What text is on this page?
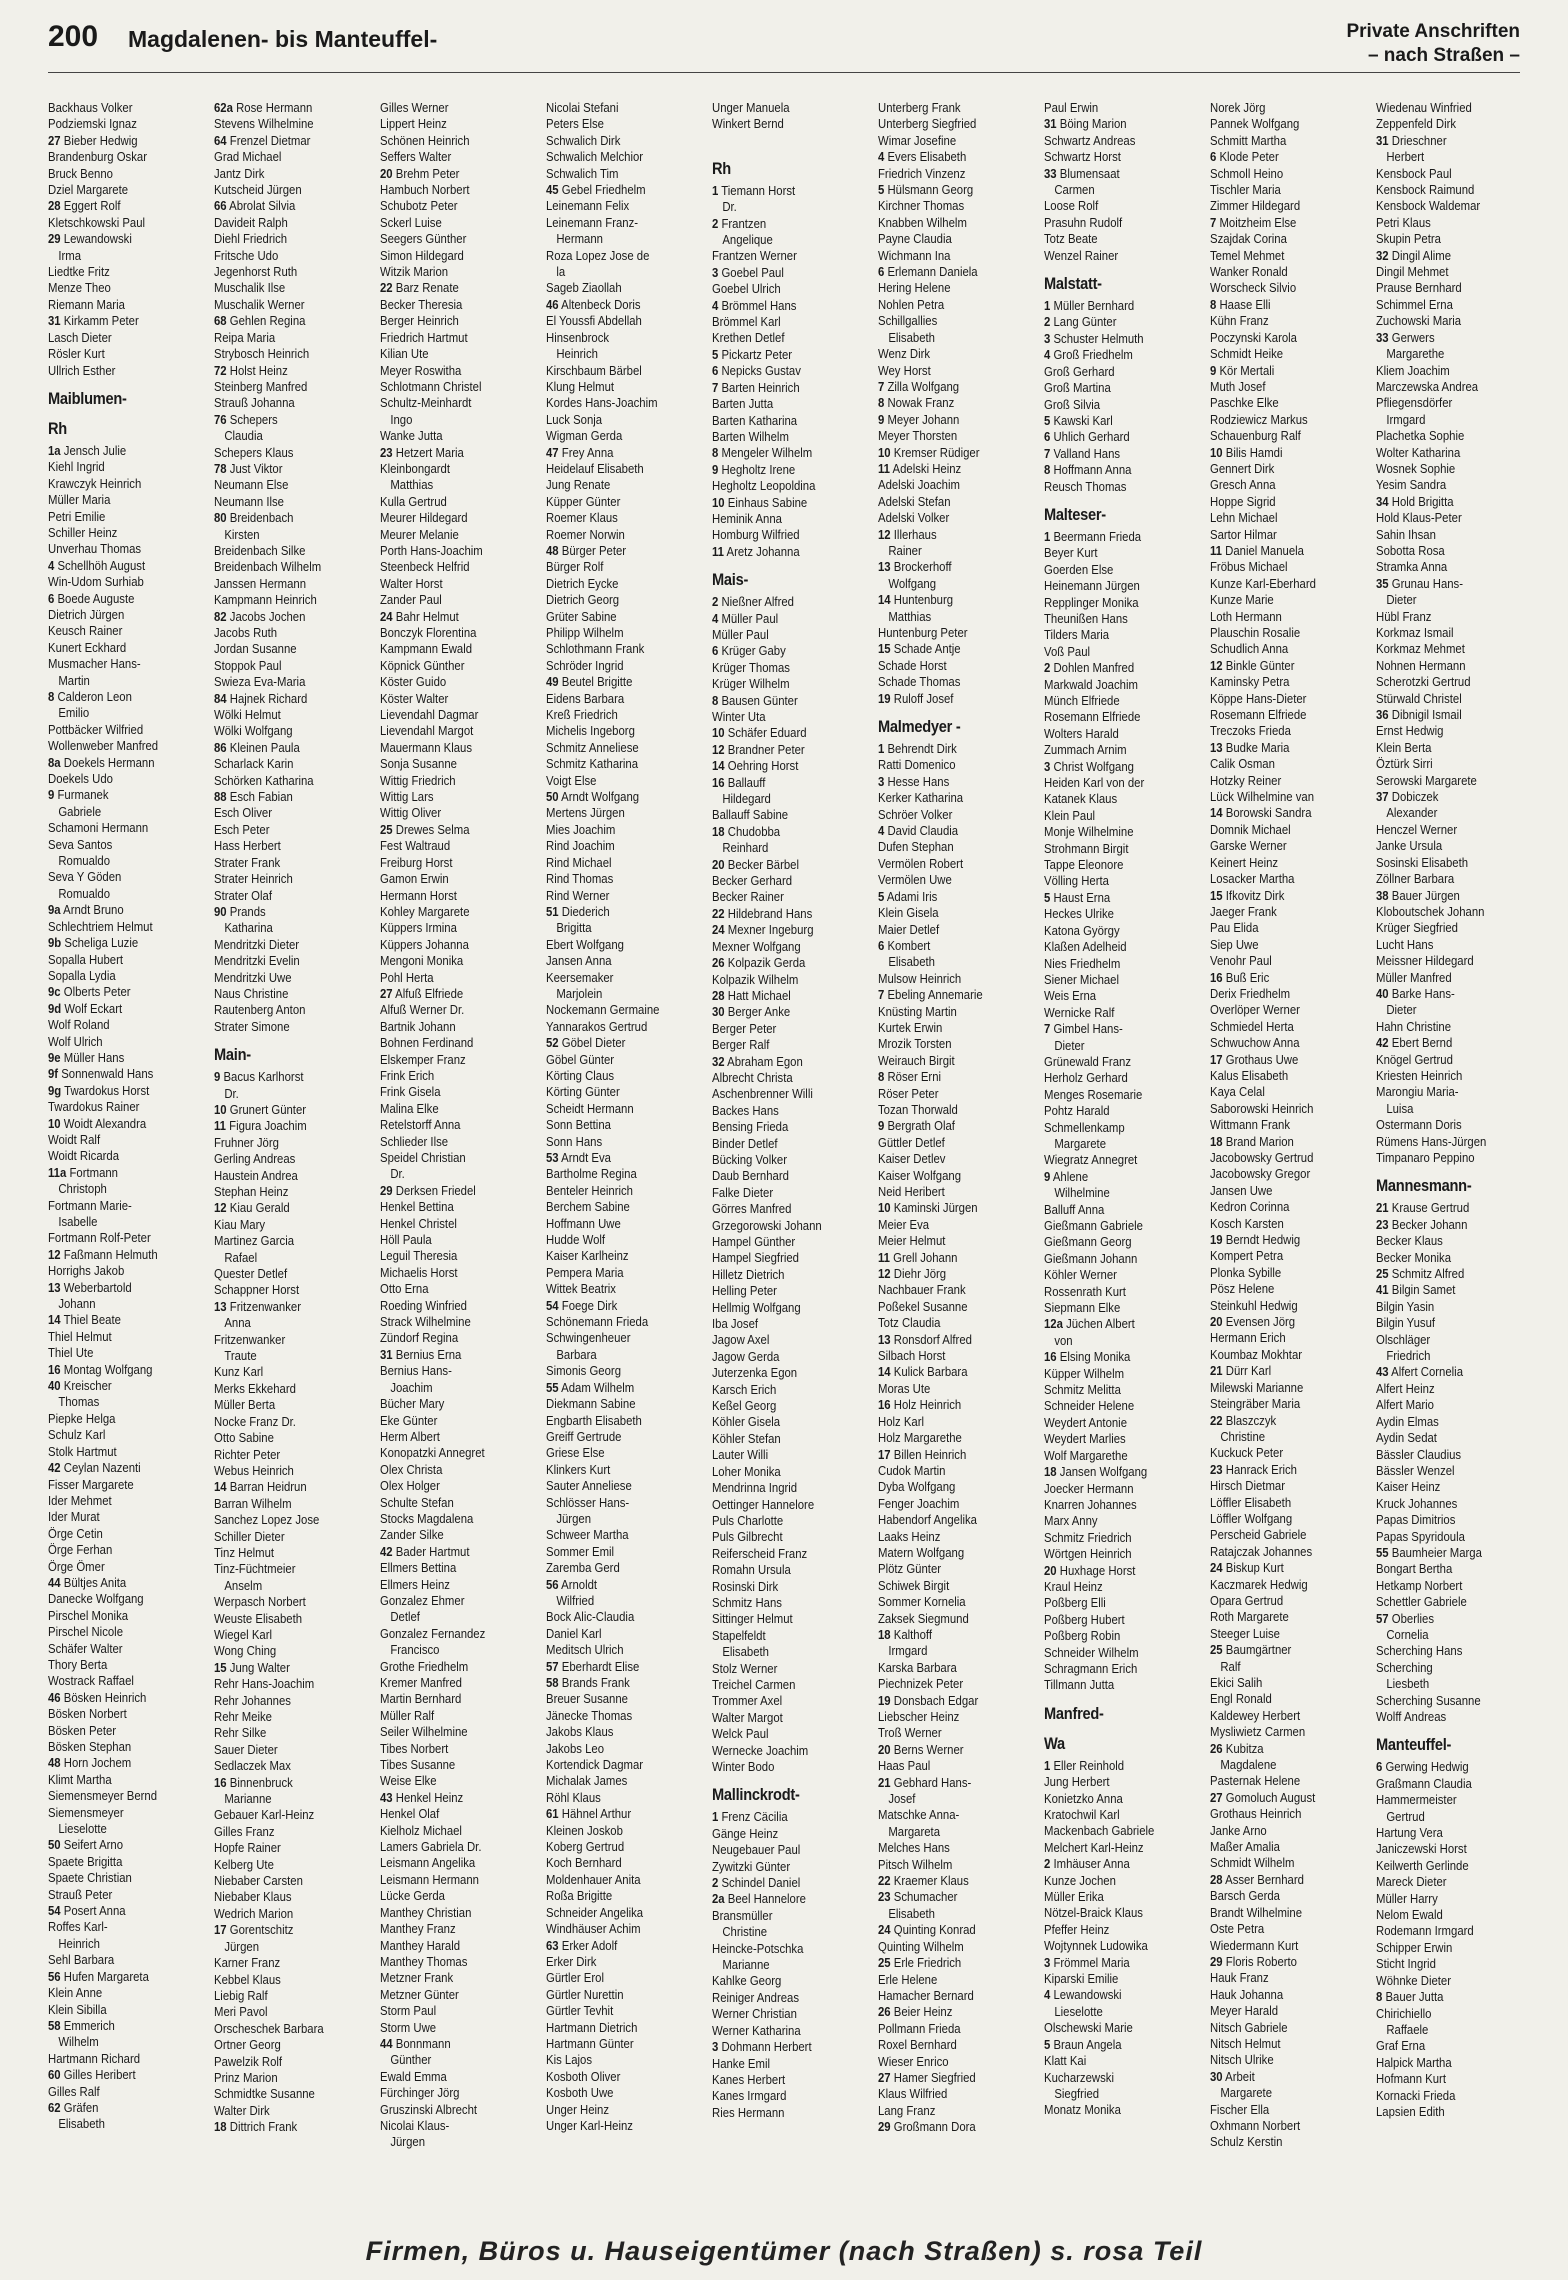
200 Magdalenen- bis Manteuffel-	Private Anschriften
– nach Straßen –
Backhaus Volker
Podziemski Ignaz
27 Bieber Hedwig
Brandenburg Oskar
Bruck Benno
Dziel Margarete
28 Eggert Rolf
Kletschkowski Paul
29 Lewandowski
Irma
Liedtke Fritz
Menze Theo
Riemann Maria
31 Kirkamm Peter
Lasch Dieter
Rösler Kurt
Ullrich Esther
Maiblumen-
Rh
1a Jensch Julie
Kiehl Ingrid
Krawczyk Heinrich
Müller Maria
Petri Emilie
Schiller Heinz
Unverhau Thomas
4 Schellhöh August
Win-Udom Surhiab
6 Boede Auguste
Dietrich Jürgen
Keusch Rainer
Kunert Eckhard
Musmacher Hans-
Martin
8 Calderon Leon
Emilio
Pottbäcker Wilfried
Wollenweber Manfred
8a Doekels Hermann
Doekels Udo
9 Furmanek
Gabriele
Schamoni Hermann
Seva Santos
Romualdo
Seva Y Göden
Romualdo
9a Arndt Bruno
Schlechtriem Helmut
9b Scheliga Luzie
Sopalla Hubert
Sopalla Lydia
9c Olberts Peter
9d Wolf Eckart
Wolf Roland
Wolf Ulrich
9e Müller Hans
9f Sonnenwald Hans
9g Twardokus Horst
Twardokus Rainer
10 Woidt Alexandra
Woidt Ralf
Woidt Ricarda
11a Fortmann
Christoph
Fortmann Marie-
Isabelle
Fortmann Rolf-Peter
12 Faßmann Helmuth
Horrighs Jakob
13 Weberbartold
Johann
14 Thiel Beate
Thiel Helmut
Thiel Ute
16 Montag Wolfgang
40 Kreischer
Thomas
Piepke Helga
Schulz Karl
Stolk Hartmut
42 Ceylan Nazenti
Fisser Margarete
Ider Mehmet
Ider Murat
Örge Cetin
Örge Ferhan
Örge Ömer
44 Bültjes Anita
Danecke Wolfgang
Pirschel Monika
Pirschel Nicole
Schäfer Walter
Thory Berta
Wostrack Raffael
46 Bösken Heinrich
Bösken Norbert
Bösken Peter
Bösken Stephan
48 Horn Jochem
Klimt Martha
Siemensmeyer Bernd
Siemensmeyer
Lieselotte
50 Seifert Arno
Spaete Brigitta
Spaete Christian
Strauß Peter
54 Posert Anna
Roffes Karl-
Heinrich
Sehl Barbara
56 Hufen Margareta
Klein Anne
Klein Sibilla
58 Emmerich
Wilhelm
Hartmann Richard
60 Gilles Heribert
Gilles Ralf
62 Gräfen
Elisabeth
62a Rose Hermann
Stevens Wilhelmine
64 Frenzel Dietmar
Grad Michael
Jantz Dirk
Kutscheid Jürgen
66 Abrolat Silvia
Davideit Ralph
Diehl Friedrich
Fritsche Udo
Jegenhorst Ruth
Muschalik Ilse
Muschalik Werner
68 Gehlen Regina
Reipa Maria
Strybosch Heinrich
72 Holst Heinz
Steinberg Manfred
Strauß Johanna
76 Schepers
Claudia
Schepers Klaus
78 Just Viktor
Neumann Else
Neumann Ilse
80 Breidenbach
Kirsten
Breidenbach Silke
Breidenbach Wilhelm
Janssen Hermann
Kampmann Heinrich
82 Jacobs Jochen
Jacobs Ruth
Jordan Susanne
Stoppok Paul
Swieza Eva-Maria
84 Hajnek Richard
Wölki Helmut
Wölki Wolfgang
86 Kleinen Paula
Scharlack Karin
Schörken Katharina
88 Esch Fabian
Esch Oliver
Esch Peter
Hass Herbert
Strater Frank
Strater Heinrich
Strater Olaf
90 Prands
Katharina
Mendritzki Dieter
Mendritzki Evelin
Mendritzki Uwe
Naus Christine
Rautenberg Anton
Strater Simone
Main-
9 Bacus Karlhorst
Dr.
10 Grunert Günter
11 Figura Joachim
Fruhner Jörg
Gerling Andreas
Haustein Andrea
Stephan Heinz
12 Kiau Gerald
Kiau Mary
Martinez Garcia
Rafael
Quester Detlef
Schappner Horst
13 Fritzenwanker
Anna
Fritzenwanker
Traute
Kunz Karl
Merks Ekkehard
Müller Berta
Nocke Franz Dr.
Otto Sabine
Richter Peter
Webus Heinrich
14 Barran Heidrun
Barran Wilhelm
Sanchez Lopez Jose
Schiller Dieter
Tinz Helmut
Tinz-Füchtmeier
Anselm
Werpasch Norbert
Weuste Elisabeth
Wiegel Karl
Wong Ching
15 Jung Walter
Rehr Hans-Joachim
Rehr Johannes
Rehr Meike
Rehr Silke
Sauer Dieter
Sedlaczek Max
16 Binnenbruck
Marianne
Gebauer Karl-Heinz
Gilles Franz
Hopfe Rainer
Kelberg Ute
Niebaber Carsten
Niebaber Klaus
Wedrich Marion
17 Gorentschitz
Jürgen
Karner Franz
Kebbel Klaus
Liebig Ralf
Meri Pavol
Orscheschek Barbara
Ortner Georg
Pawelzik Rolf
Prinz Marion
Schmidtke Susanne
Walter Dirk
18 Dittrich Frank
Gilles Werner
Lippert Heinz
Schönen Heinrich
Seffers Walter
20 Brehm Peter
Hambuch Norbert
Schubotz Peter
Sckerl Luise
Seegers Günther
Simon Hildegard
Witzik Marion
22 Barz Renate
Becker Theresia
Berger Heinrich
Friedrich Hartmut
Kilian Ute
Meyer Roswitha
Schlotmann Christel
Schultz-Meinhardt
Ingo
Wanke Jutta
23 Hetzert Maria
Kleinbongardt
Matthias
Kulla Gertrud
Meurer Hildegard
Meurer Melanie
Porth Hans-Joachim
Steenbeck Helfrid
Walter Horst
Zander Paul
24 Bahr Helmut
Bonczyk Florentina
Kampmann Ewald
Köpnick Günther
Köster Guido
Köster Walter
Lievendahl Dagmar
Lievendahl Margot
Mauermann Klaus
Sonja Susanne
Wittig Friedrich
Wittig Lars
Wittig Oliver
25 Drewes Selma
Fest Waltraud
Freiburg Horst
Gamon Erwin
Hermann Horst
Kohley Margarete
Küppers Irmina
Küppers Johanna
Mengoni Monika
Pohl Herta
27 Alfuß Elfriede
Alfuß Werner Dr.
Bartnik Johann
Bohnen Ferdinand
Elskemper Franz
Frink Erich
Frink Gisela
Malina Elke
Retelstorff Anna
Schlieder Ilse
Speidel Christian
Dr.
29 Derksen Friedel
Henkel Bettina
Henkel Christel
Höll Paula
Leguil Theresia
Michaelis Horst
Otto Erna
Roeding Winfried
Strack Wilhelmine
Zündorf Regina
31 Bernius Erna
Bernius Hans-
Joachim
Bücher Mary
Eke Günter
Herm Albert
Konopatzki Annegret
Olex Christa
Olex Holger
Schulte Stefan
Stocks Magdalena
Zander Silke
42 Bader Hartmut
Ellmers Bettina
Ellmers Heinz
Gonzalez Ehmer
Detlef
Gonzalez Fernandez
Francisco
Grothe Friedhelm
Kremer Manfred
Martin Bernhard
Müller Ralf
Seiler Wilhelmine
Tibes Norbert
Tibes Susanne
Weise Elke
43 Henkel Heinz
Henkel Olaf
Kielholz Michael
Lamers Gabriela Dr.
Leismann Angelika
Leismann Hermann
Lücke Gerda
Manthey Christian
Manthey Franz
Manthey Harald
Manthey Thomas
Metzner Frank
Metzner Günter
Storm Paul
Storm Uwe
44 Bonnmann
Günther
Ewald Emma
Fürchinger Jörg
Gruszinski Albrecht
Nicolai Klaus-
Jürgen
Nicolai Stefani
Peters Else
Schwalich Dirk
Schwalich Melchior
Schwalich Tim
45 Gebel Friedhelm
Leinemann Felix
Leinemann Franz-
Hermann
Roza Lopez Jose de
la
Sageb Ziaollah
46 Altenbeck Doris
El Youssfi Abdellah
Hinsenbrock
Heinrich
Kirschbaum Bärbel
Klung Helmut
Kordes Hans-Joachim
Luck Sonja
Wigman Gerda
47 Frey Anna
Heidelauf Elisabeth
Jung Renate
Küpper Günter
Roemer Klaus
Roemer Norwin
48 Bürger Peter
Bürger Rolf
Dietrich Eycke
Dietrich Georg
Grüter Sabine
Philipp Wilhelm
Schlothmann Frank
Schröder Ingrid
49 Beutel Brigitte
Eidens Barbara
Kreß Friedrich
Michelis Ingeborg
Schmitz Anneliese
Schmitz Katharina
Voigt Else
50 Arndt Wolfgang
Mertens Jürgen
Mies Joachim
Rind Joachim
Rind Michael
Rind Thomas
Rind Werner
51 Diederich
Brigitta
Ebert Wolfgang
Jansen Anna
Keersemaker
Marjolein
Nockemann Germaine
Yannarakos Gertrud
52 Göbel Dieter
Göbel Günter
Körting Claus
Körting Günter
Scheidt Hermann
Sonn Bettina
Sonn Hans
53 Arndt Eva
Bartholme Regina
Benteler Heinrich
Berchem Sabine
Hoffmann Uwe
Hudde Wolf
Kaiser Karlheinz
Pempera Maria
Wittek Beatrix
54 Foege Dirk
Schönemann Frieda
Schwingenheuer
Barbara
Simonis Georg
55 Adam Wilhelm
Diekmann Sabine
Engbarth Elisabeth
Greiff Gertrude
Griese Else
Klinkers Kurt
Sauter Anneliese
Schlösser Hans-
Jürgen
Schweer Martha
Sommer Emil
Zaremba Gerd
56 Arnoldt
Wilfried
Bock Alic-Claudia
Daniel Karl
Meditsch Ulrich
57 Eberhardt Elise
58 Brands Frank
Breuer Susanne
Jänecke Thomas
Jakobs Klaus
Jakobs Leo
Kortendick Dagmar
Michalak James
Röhl Klaus
61 Hähnel Arthur
Kleinen Joskob
Koberg Gertrud
Koch Bernhard
Moldenhauer Anita
Roßa Brigitte
Schneider Angelika
Windhäuser Achim
63 Erker Adolf
Erker Dirk
Gürtler Erol
Gürtler Nurettin
Gürtler Tevhit
Hartmann Dietrich
Hartmann Günter
Kis Lajos
Kosboth Oliver
Kosboth Uwe
Unger Heinz
Unger Karl-Heinz
Unger Manuela
Winkert Bernd
Rh
1 Tiemann Horst
Dr.
2 Frantzen
Angelique
Frantzen Werner
3 Goebel Paul
Goebel Ulrich
4 Brömmel Hans
Brömmel Karl
Krethen Detlef
5 Pickartz Peter
6 Nepicks Gustav
7 Barten Heinrich
Barten Jutta
Barten Katharina
Barten Wilhelm
8 Mengeler Wilhelm
9 Hegholtz Irene
Hegholtz Leopoldina
10 Einhaus Sabine
Heminik Anna
Homburg Wilfried
11 Aretz Johanna
Mais-
2 Nießner Alfred
4 Müller Paul
Müller Paul
6 Krüger Gaby
Krüger Thomas
Krüger Wilhelm
8 Bausen Günter
Winter Uta
10 Schäfer Eduard
12 Brandner Peter
14 Oehring Horst
16 Ballauff
Hildegard
Ballauff Sabine
18 Chudobba
Reinhard
20 Becker Bärbel
Becker Gerhard
Becker Rainer
22 Hildebrand Hans
24 Mexner Ingeburg
Mexner Wolfgang
26 Kolpazik Gerda
Kolpazik Wilhelm
28 Hatt Michael
30 Berger Anke
Berger Peter
Berger Ralf
32 Abraham Egon
Albrecht Christa
Aschenbrenner Willi
Backes Hans
Bensing Frieda
Binder Detlef
Bücking Volker
Daub Bernhard
Falke Dieter
Görres Manfred
Grzegorowski Johann
Hampel Günther
Hampel Siegfried
Hilletz Dietrich
Helling Peter
Hellmig Wolfgang
Iba Josef
Jagow Axel
Jagow Gerda
Juterzenka Egon
Karsch Erich
Keßel Georg
Köhler Gisela
Köhler Stefan
Lauter Willi
Loher Monika
Mendrinna Ingrid
Oettinger Hannelore
Puls Charlotte
Puls Gilbrecht
Reiferscheid Franz
Romahn Ursula
Rosinski Dirk
Schmitz Hans
Sittinger Helmut
Stapelfeldt
Elisabeth
Stolz Werner
Treichel Carmen
Trommer Axel
Walter Margot
Welck Paul
Wernecke Joachim
Winter Bodo
Mallinckrodt-
1 Frenz Cäcilia
Gänge Heinz
Neugebauer Paul
Zywitzki Günter
2 Schindel Daniel
2a Beel Hannelore
Bransmüller
Christine
Heincke-Potschka
Marianne
Kahlke Georg
Reiniger Andreas
Werner Christian
Werner Katharina
3 Dohmann Herbert
Hanke Emil
Kanes Herbert
Kanes Irmgard
Ries Hermann
Unterberg Frank
Unterberg Siegfried
Wimar Josefine
4 Evers Elisabeth
Friedrich Vinzenz
5 Hülsmann Georg
Kirchner Thomas
Knabben Wilhelm
Payne Claudia
Wichmann Ina
6 Erlemann Daniela
Hering Helene
Nohlen Petra
Schillgallies
Elisabeth
Wenz Dirk
Wey Horst
7 Zilla Wolfgang
8 Nowak Franz
9 Meyer Johann
Meyer Thorsten
10 Kremser Rüdiger
11 Adelski Heinz
Adelski Joachim
Adelski Stefan
Adelski Volker
12 Illerhaus
Rainer
13 Brockerhoff
Wolfgang
14 Huntenburg
Matthias
Huntenburg Peter
15 Schade Antje
Schade Horst
Schade Thomas
19 Ruloff Josef
Malmedyer -
1 Behrendt Dirk
Ratti Domenico
3 Hesse Hans
Kerker Katharina
Schröer Volker
4 David Claudia
Dufen Stephan
Vermölen Robert
Vermölen Uwe
5 Adami Iris
Klein Gisela
Maier Detlef
6 Kombert
Elisabeth
Mulsow Heinrich
7 Ebeling Annemarie
Knüsting Martin
Kurtek Erwin
Mrozik Torsten
Weirauch Birgit
8 Röser Erni
Röser Peter
Tozan Thorwald
9 Bergrath Olaf
Güttler Detlef
Kaiser Detlev
Kaiser Wolfgang
Neid Heribert
10 Kaminski Jürgen
Meier Eva
Meier Helmut
11 Grell Johann
12 Diehr Jörg
Nachbauer Frank
Poßekel Susanne
Totz Claudia
13 Ronsdorf Alfred
Silbach Horst
14 Kulick Barbara
Moras Ute
16 Holz Heinrich
Holz Karl
Holz Margarethe
17 Billen Heinrich
Cudok Martin
Dyba Wolfgang
Fenger Joachim
Habendorf Angelika
Laaks Heinz
Matern Wolfgang
Plötz Günter
Schiwek Birgit
Sommer Kornelia
Zaksek Siegmund
18 Kalthoff
Irmgard
Karska Barbara
Piechnizek Peter
19 Donsbach Edgar
Liebscher Heinz
Troß Werner
20 Berns Werner
Haas Paul
21 Gebhard Hans-
Josef
Matschke Anna-
Margareta
Melches Hans
Pitsch Wilhelm
22 Kraemer Klaus
23 Schumacher
Elisabeth
24 Quinting Konrad
Quinting Wilhelm
25 Erle Friedrich
Erle Helene
Hamacher Bernard
26 Beier Heinz
Pollmann Frieda
Roxel Bernhard
Wieser Enrico
27 Hamer Siegfried
Klaus Wilfried
Lang Franz
29 Großmann Dora
Paul Erwin
31 Böing Marion
Schwartz Andreas
Schwartz Horst
33 Blumensaat
Carmen
Loose Rolf
Prasuhn Rudolf
Totz Beate
Wenzel Rainer
Malstatt-
1 Müller Bernhard
2 Lang Günter
3 Schuster Helmuth
4 Groß Friedhelm
Groß Gerhard
Groß Martina
Groß Silvia
5 Kawski Karl
6 Uhlich Gerhard
7 Valland Hans
8 Hoffmann Anna
Reusch Thomas
Malteser-
1 Beermann Frieda
Beyer Kurt
Goerden Else
Heinemann Jürgen
Repplinger Monika
Theunißen Hans
Tilders Maria
Voß Paul
2 Dohlen Manfred
Markwald Joachim
Münch Elfriede
Rosemann Elfriede
Wolters Harald
Zummach Arnim
3 Christ Wolfgang
Heiden Karl von der
Katanek Klaus
Klein Paul
Monje Wilhelmine
Strohmann Birgit
Tappe Eleonore
Völling Herta
5 Haust Erna
Heckes Ulrike
Katona György
Klaßen Adelheid
Nies Friedhelm
Siener Michael
Weis Erna
Wernicke Ralf
7 Gimbel Hans-
Dieter
Grünewald Franz
Herholz Gerhard
Menges Rosemarie
Pohtz Harald
Schmellenkamp
Margarete
Wiegratz Annegret
9 Ahlene
Wilhelmine
Balluff Anna
Gießmann Gabriele
Gießmann Georg
Gießmann Johann
Köhler Werner
Rossenrath Kurt
Siepmann Elke
12a Jüchen Albert
von
16 Elsing Monika
Küpper Wilhelm
Schmitz Melitta
Schneider Helene
Weydert Antonie
Weydert Marlies
Wolf Margarethe
18 Jansen Wolfgang
Joecker Hermann
Knarren Johannes
Marx Anny
Schmitz Friedrich
Wörtgen Heinrich
20 Huxhage Horst
Kraul Heinz
Poßberg Elli
Poßberg Hubert
Poßberg Robin
Schneider Wilhelm
Schragmann Erich
Tillmann Jutta
Manfred-
Wa
1 Eller Reinhold
Jung Herbert
Konietzko Anna
Kratochwil Karl
Mackenbach Gabriele
Melchert Karl-Heinz
2 Imhäuser Anna
Kunze Jochen
Müller Erika
Nötzel-Braick Klaus
Pfeffer Heinz
Wojtynnek Ludowika
3 Frömmel Maria
Kiparski Emilie
4 Lewandowski
Lieselotte
Olschewski Marie
5 Braun Angela
Klatt Kai
Kucharzewski
Siegfried
Monatz Monika
Norek Jörg
Pannek Wolfgang
Schmitt Martha
6 Klode Peter
Schmoll Heino
Tischler Maria
Zimmer Hildegard
7 Moitzheim Else
Szajdak Corina
Temel Mehmet
Wanker Ronald
Worscheck Silvio
8 Haase Elli
Kühn Franz
Poczynski Karola
Schmidt Heike
9 Kör Mertali
Muth Josef
Paschke Elke
Rodziewicz Markus
Schauenburg Ralf
10 Bilis Hamdi
Gennert Dirk
Gresch Anna
Hoppe Sigrid
Lehn Michael
Sartor Hilmar
11 Daniel Manuela
Fröbus Michael
Kunze Karl-Eberhard
Kunze Marie
Loth Hermann
Plauschin Rosalie
Schudlich Anna
12 Binkle Günter
Kaminsky Petra
Köppe Hans-Dieter
Rosemann Elfriede
Treczoks Frieda
13 Budke Maria
Calik Osman
Hotzky Reiner
Lück Wilhelmine van
14 Borowski Sandra
Domnik Michael
Garske Werner
Keinert Heinz
Losacker Martha
15 Ifkovitz Dirk
Jaeger Frank
Pau Elida
Siep Uwe
Venohr Paul
16 Buß Eric
Derix Friedhelm
Overlöper Werner
Schmiedel Herta
Schwuchow Anna
17 Grothaus Uwe
Kalus Elisabeth
Kaya Celal
Saborowski Heinrich
Wittmann Frank
18 Brand Marion
Jacobowsky Gertrud
Jacobowsky Gregor
Jansen Uwe
Kedron Corinna
Kosch Karsten
19 Berndt Hedwig
Kompert Petra
Plonka Sybille
Pösz Helene
Steinkuhl Hedwig
20 Evensen Jörg
Hermann Erich
Koumbaz Mokhtar
21 Dürr Karl
Milewski Marianne
Steingräber Maria
22 Blaszczyk
Christine
Kuckuck Peter
23 Hanrack Erich
Hirsch Dietmar
Löffler Elisabeth
Löffler Wolfgang
Perscheid Gabriele
Ratajczak Johannes
24 Biskup Kurt
Kaczmarek Hedwig
Opara Gertrud
Roth Margarete
Steeger Luise
25 Baumgärtner
Ralf
Ekici Salih
Engl Ronald
Kaldewey Herbert
Mysliwietz Carmen
26 Kubitza
Magdalene
Pasternak Helene
27 Gomoluch August
Grothaus Heinrich
Janke Arno
Maßer Amalia
Schmidt Wilhelm
28 Asser Bernhard
Barsch Gerda
Brandt Wilhelmine
Oste Petra
Wiedermann Kurt
29 Floris Roberto
Hauk Franz
Hauk Johanna
Meyer Harald
Nitsch Gabriele
Nitsch Helmut
Nitsch Ulrike
30 Arbeit
Margarete
Fischer Ella
Oxhmann Norbert
Schulz Kerstin
Wiedenau Winfried
Zeppenfeld Dirk
31 Drieschner
Herbert
Kensbock Paul
Kensbock Raimund
Kensbock Waldemar
Petri Klaus
Skupin Petra
32 Dingil Alime
Dingil Mehmet
Prause Bernhard
Schimmel Erna
Zuchowski Maria
33 Gerwers
Margarethe
Kliem Joachim
Marczewska Andrea
Pfliegensdörfer
Irmgard
Plachetka Sophie
Wolter Katharina
Wosnek Sophie
Yesim Sandra
34 Hold Brigitta
Hold Klaus-Peter
Sahin Ihsan
Sobotta Rosa
Stramka Anna
35 Grunau Hans-
Dieter
Hübl Franz
Korkmaz Ismail
Korkmaz Mehmet
Nohnen Hermann
Scherotzki Gertrud
Stürwald Christel
36 Dibnigil Ismail
Ernst Hedwig
Klein Berta
Öztürk Sirri
Serowski Margarete
37 Dobiczek
Alexander
Henczel Werner
Janke Ursula
Sosinski Elisabeth
Zöllner Barbara
38 Bauer Jürgen
Kloboutschek Johann
Krüger Siegfried
Lucht Hans
Meissner Hildegard
Müller Manfred
40 Barke Hans-
Dieter
Hahn Christine
42 Ebert Bernd
Knögel Gertrud
Kriesten Heinrich
Marongiu Maria-
Luisa
Ostermann Doris
Rümens Hans-Jürgen
Timpanaro Peppino
Mannesmann-
21 Krause Gertrud
23 Becker Johann
Becker Klaus
Becker Monika
25 Schmitz Alfred
41 Bilgin Samet
Bilgin Yasin
Bilgin Yusuf
Olschläger
Friedrich
43 Alfert Cornelia
Alfert Heinz
Alfert Mario
Aydin Elmas
Aydin Sedat
Bässler Claudius
Bässler Wenzel
Kaiser Heinz
Kruck Johannes
Papas Dimitrios
Papas Spyridoula
55 Baumheier Marga
Bongart Bertha
Hetkamp Norbert
Schettler Gabriele
57 Oberlies
Cornelia
Scherching Hans
Scherching
Liesbeth
Scherching Susanne
Wolff Andreas
Manteuffel-
6 Gerwing Hedwig
Graßmann Claudia
Hammermeister
Gertrud
Hartung Vera
Janiczewski Horst
Keilwerth Gerlinde
Mareck Dieter
Müller Harry
Nelom Ewald
Rodemann Irmgard
Schipper Erwin
Sticht Ingrid
Wöhnke Dieter
8 Bauer Jutta
Chirichiello
Raffaele
Graf Erna
Halpick Martha
Hofmann Kurt
Kornacki Frieda
Lapsien Edith
Firmen, Büros u. Hauseigentümer (nach Straßen) s. rosa Teil
